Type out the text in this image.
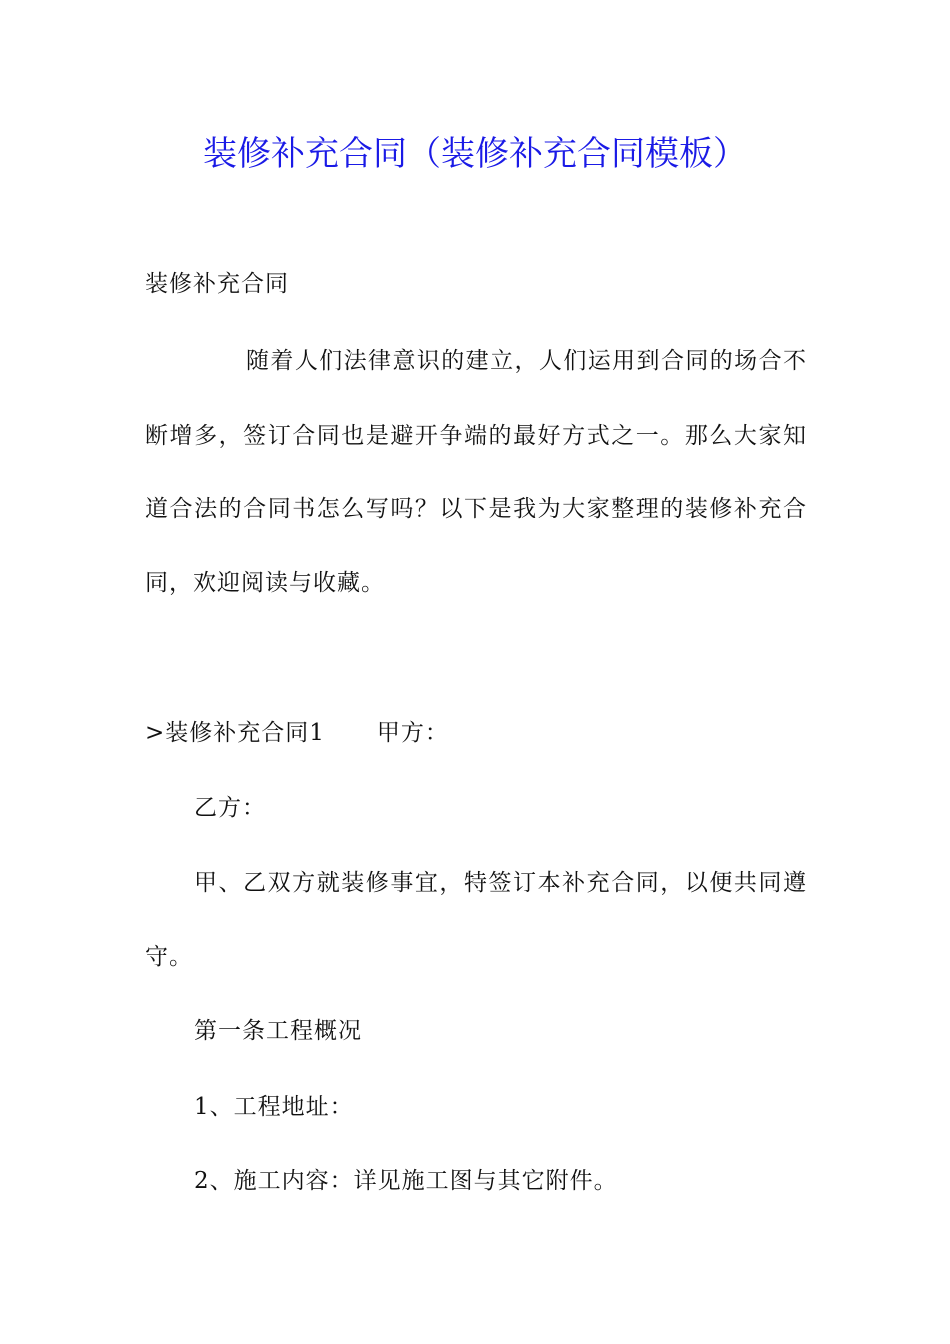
装修补充合同（装修补充合同模板）
装修补充合同
随着人们法律意识的建立，人们运用到合同的场合不
断增多，签订合同也是避开争端的最好方式之一。那么大家知
道合法的合同书怎么写吗？以下是我为大家整理的装修补充合
同，欢迎阅读与收藏。
>装修补充合同1 甲方：
乙方：
甲、乙双方就装修事宜，特签订本补充合同，以便共同遵
守。
第一条工程概况
1、工程地址：
2、施工内容：详见施工图与其它附件。
